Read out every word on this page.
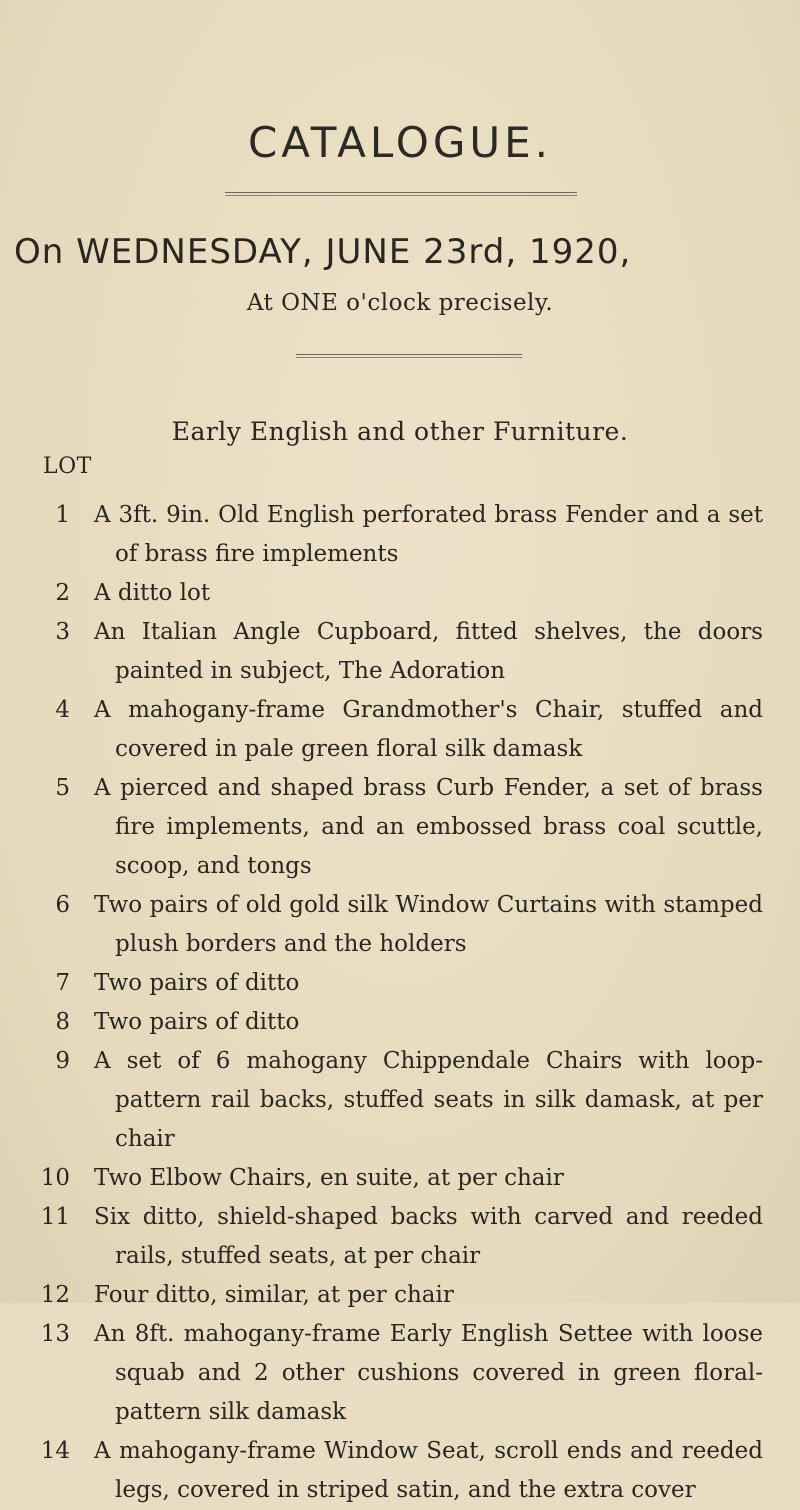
CATALOGUE.
On WEDNESDAY, JUNE 23rd, 1920,
At ONE o'clock precisely.
Early English and other Furniture.
LOT
1	A 3ft. 9in. Old English perforated brass Fender and a set of brass fire implements
2	A ditto lot
3	An Italian Angle Cupboard, fitted shelves, the doors painted in subject, The Adoration
4	A mahogany-frame Grandmother's Chair, stuffed and covered in pale green floral silk damask
5	A pierced and shaped brass Curb Fender, a set of brass fire implements, and an embossed brass coal scuttle, scoop, and tongs
6	Two pairs of old gold silk Window Curtains with stamped plush borders and the holders
7	Two pairs of ditto
8	Two pairs of ditto
9	A set of 6 mahogany Chippendale Chairs with loop-pattern rail backs, stuffed seats in silk damask, at per chair
10	Two Elbow Chairs, en suite, at per chair
11	Six ditto, shield-shaped backs with carved and reeded rails, stuffed seats, at per chair
12	Four ditto, similar, at per chair
13	An 8ft. mahogany-frame Early English Settee with loose squab and 2 other cushions covered in green floral-pattern silk damask
14	A mahogany-frame Window Seat, scroll ends and reeded legs, covered in striped satin, and the extra cover
